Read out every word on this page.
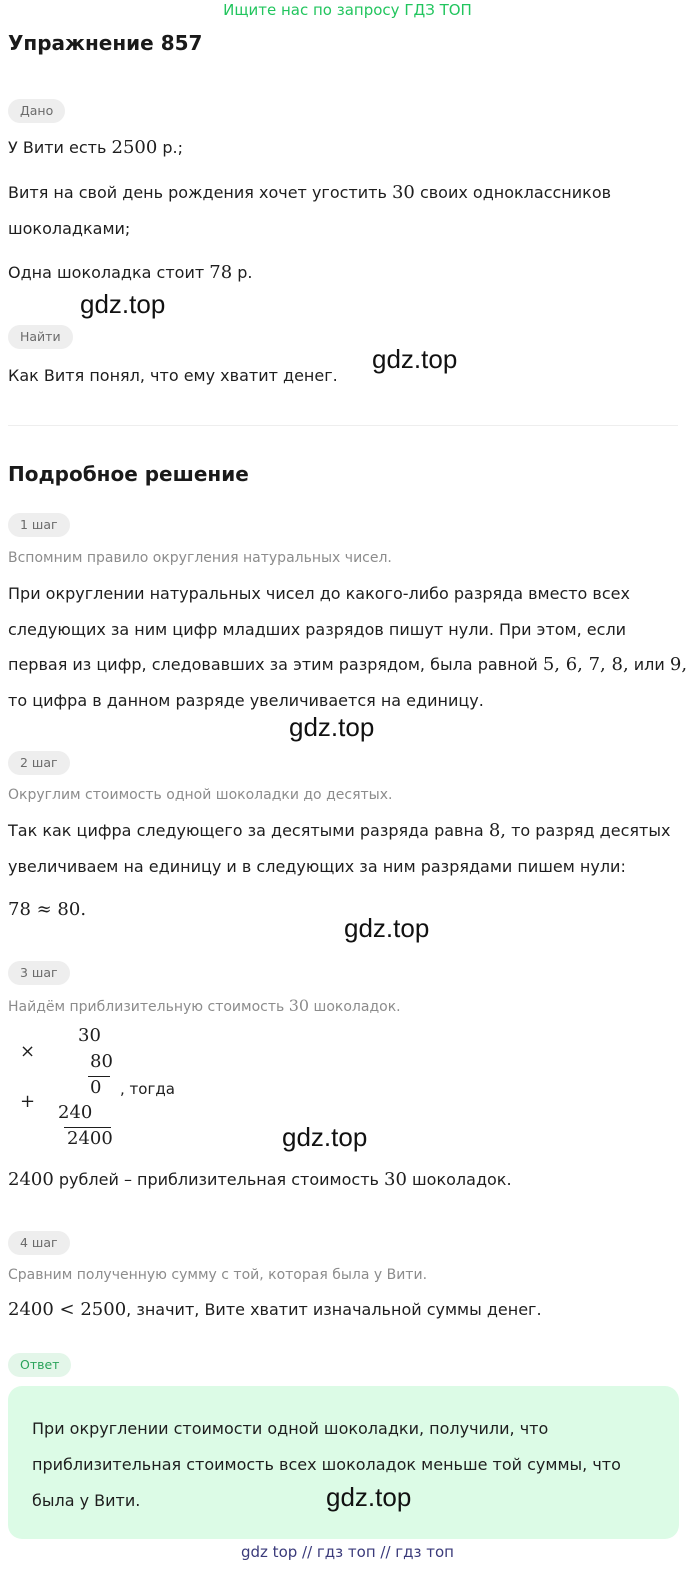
Ищите нас по запросу ГДЗ ТОП
Упражнение 857
Дано
У Вити есть 2500 р.;
Витя на свой день рождения хочет угостить 30 своих одноклассников
шоколадками;
Одна шоколадка стоит 78 р.
gdz.top
Найти
gdz.top
Как Витя понял, что ему хватит денег.
Подробное решение
1 шаг
Вспомним правило округления натуральных чисел.
При округлении натуральных чисел до какого-либо разряда вместо всех
следующих за ним цифр младших разрядов пишут нули. При этом, если
первая из цифр, следовавших за этим разрядом, была равной 5, 6, 7, 8, или 9,
то цифра в данном разряде увеличивается на единицу.
gdz.top
2 шаг
Округлим стоимость одной шоколадки до десятых.
Так как цифра следующего за десятыми разряда равна 8, то разряд десятых
увеличиваем на единицу и в следующих за ним разрядами пишем нули:
78 ≈ 80.
gdz.top
3 шаг
Найдём приблизительную стоимость 30 шоколадок.
×
30
80
0 , тогда
+
240
2400	gdz.top
2400 рублей – приблизительная стоимость 30 шоколадок.
4 шаг
Сравним полученную сумму с той, которая была у Вити.
2400 < 2500, значит, Вите хватит изначальной суммы денег.
Ответ
При округлении стоимости одной шоколадки, получили, что
приблизительная стоимость всех шоколадок меньше той суммы, что
была у Вити.	gdz.top
gdz top // гдз топ // гдз топ
